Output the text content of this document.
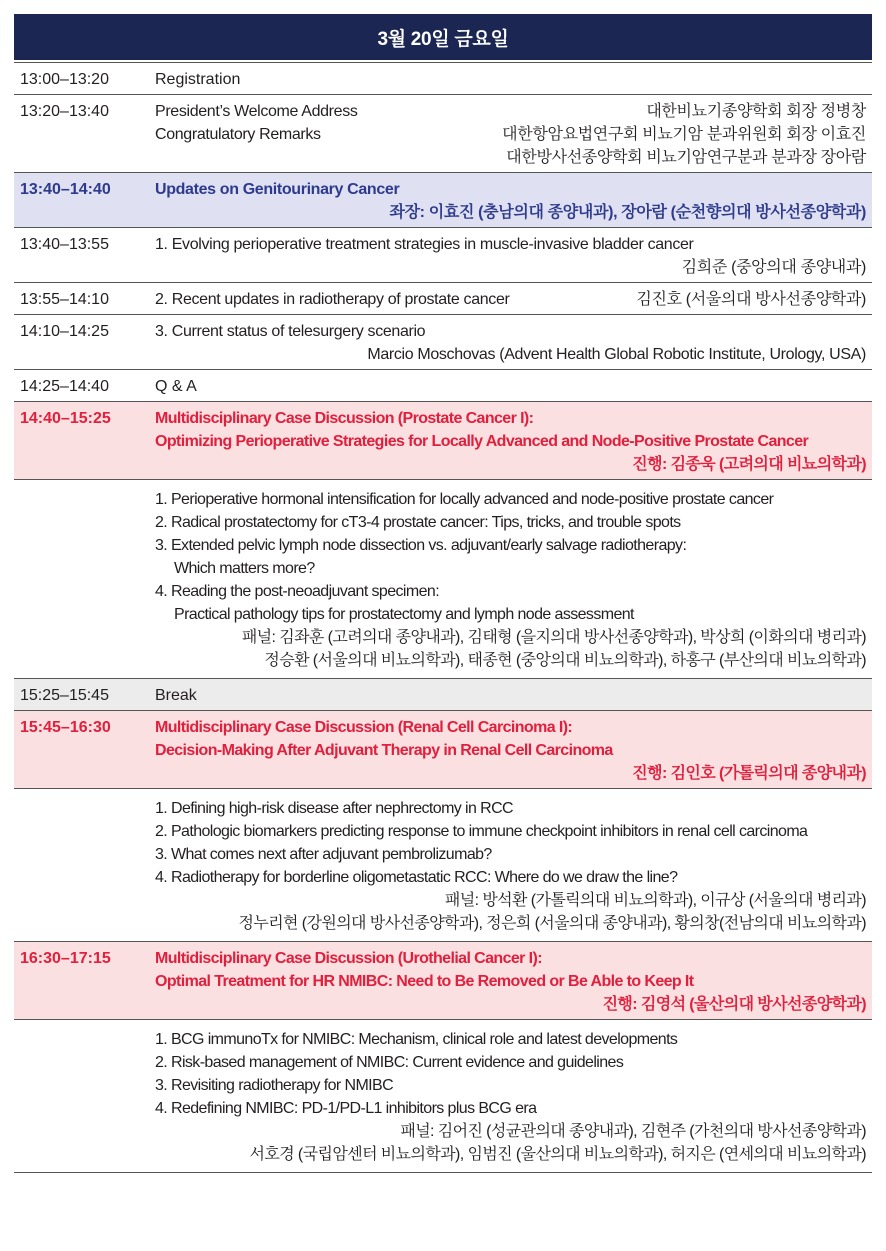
3월 20일 금요일
13:00–13:20	Registration
13:20–13:40	President’s Welcome Address	대한비뇨기종양학회 회장 정병창
Congratulatory Remarks	대한항암요법연구회 비뇨기암 분과위원회 회장 이효진
대한방사선종양학회 비뇨기암연구분과 분과장 장아람
13:40–14:40	Updates on Genitourinary Cancer
좌장: 이효진 (충남의대 종양내과), 장아람 (순천향의대 방사선종양학과)
13:40–13:55	1. Evolving perioperative treatment strategies in muscle-invasive bladder cancer
김희준 (중앙의대 종양내과)
13:55–14:10	2. Recent updates in radiotherapy of prostate cancer	김진호 (서울의대 방사선종양학과)
14:10–14:25	3. Current status of telesurgery scenario
Marcio Moschovas (Advent Health Global Robotic Institute, Urology, USA)
14:25–14:40	Q & A
14:40–15:25	Multidisciplinary Case Discussion (Prostate Cancer I):
Optimizing Perioperative Strategies for Locally Advanced and Node-Positive Prostate Cancer
진행: 김종욱 (고려의대 비뇨의학과)
1. Perioperative hormonal intensification for locally advanced and node-positive prostate cancer
2. Radical prostatectomy for cT3-4 prostate cancer: Tips, tricks, and trouble spots
3. Extended pelvic lymph node dissection vs. adjuvant/early salvage radiotherapy:
Which matters more?
4. Reading the post-neoadjuvant specimen:
Practical pathology tips for prostatectomy and lymph node assessment
패널: 김좌훈 (고려의대 종양내과), 김태형 (을지의대 방사선종양학과), 박상희 (이화의대 병리과)
정승환 (서울의대 비뇨의학과), 태종현 (중앙의대 비뇨의학과), 하홍구 (부산의대 비뇨의학과)
15:25–15:45	Break
15:45–16:30	Multidisciplinary Case Discussion (Renal Cell Carcinoma I):
Decision-Making After Adjuvant Therapy in Renal Cell Carcinoma
진행: 김인호 (가톨릭의대 종양내과)
1. Defining high-risk disease after nephrectomy in RCC
2. Pathologic biomarkers predicting response to immune checkpoint inhibitors in renal cell carcinoma
3. What comes next after adjuvant pembrolizumab?
4. Radiotherapy for borderline oligometastatic RCC: Where do we draw the line?
패널: 방석환 (가톨릭의대 비뇨의학과), 이규상 (서울의대 병리과)
정누리현 (강원의대 방사선종양학과), 정은희 (서울의대 종양내과), 황의창(전남의대 비뇨의학과)
16:30–17:15	Multidisciplinary Case Discussion (Urothelial Cancer I):
Optimal Treatment for HR NMIBC: Need to Be Removed or Be Able to Keep It
진행: 김영석 (울산의대 방사선종양학과)
1. BCG immunoTx for NMIBC: Mechanism, clinical role and latest developments
2. Risk-based management of NMIBC: Current evidence and guidelines
3. Revisiting radiotherapy for NMIBC
4. Redefining NMIBC: PD-1/PD-L1 inhibitors plus BCG era
패널: 김어진 (성균관의대 종양내과), 김현주 (가천의대 방사선종양학과)
서호경 (국립암센터 비뇨의학과), 임범진 (울산의대 비뇨의학과), 허지은 (연세의대 비뇨의학과)
